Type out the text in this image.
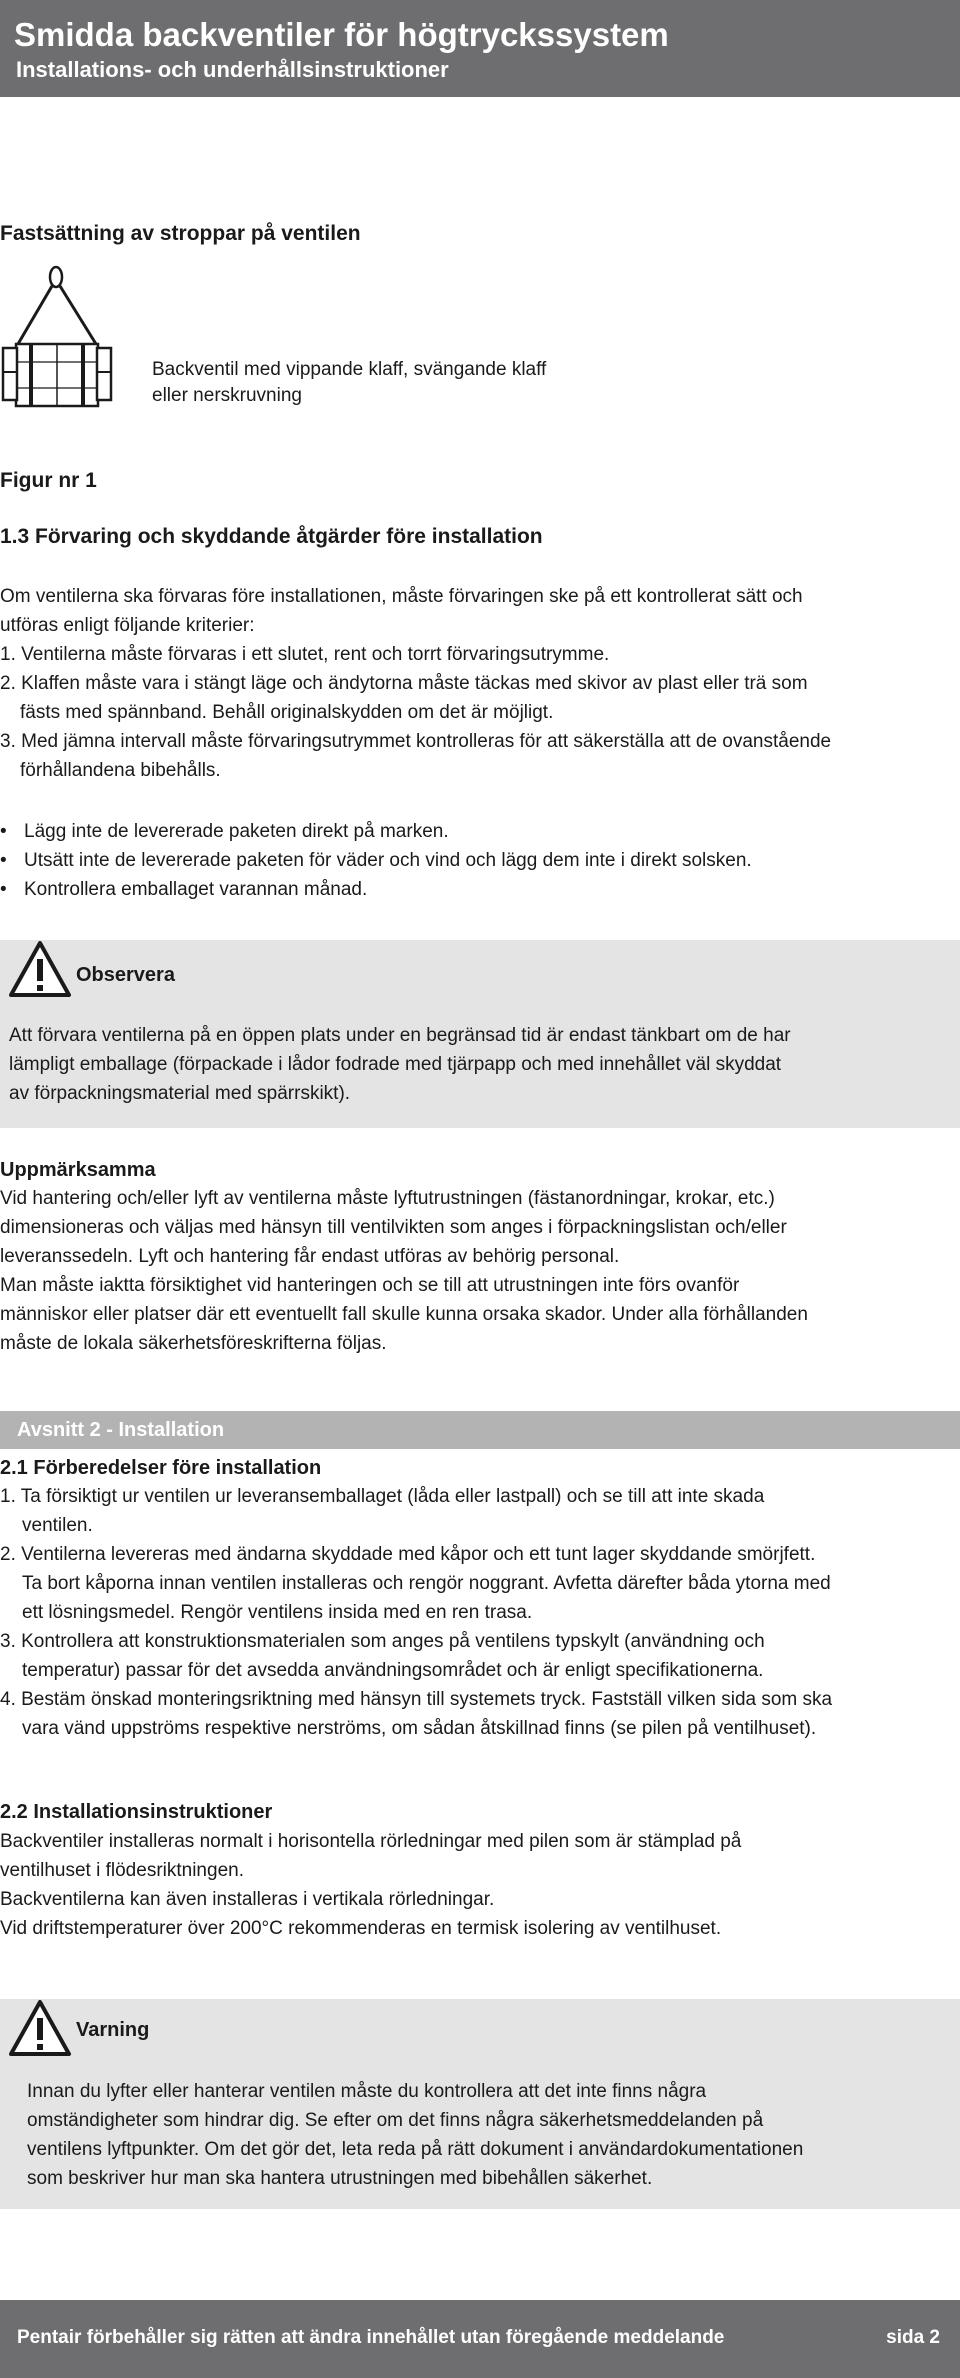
Smidda backventiler för högtryckssystem
Installations- och underhållsinstruktioner
Fastsättning av stroppar på ventilen
Backventil med vippande klaff, svängande klaff
eller nerskruvning
Figur nr 1
1.3 Förvaring och skyddande åtgärder före installation
Om ventilerna ska förvaras före installationen, måste förvaringen ske på ett kontrollerat sätt och
utföras enligt följande kriterier:
1. Ventilerna måste förvaras i ett slutet, rent och torrt förvaringsutrymme.
2. Klaffen måste vara i stängt läge och ändytorna måste täckas med skivor av plast eller trä som
fästs med spännband. Behåll originalskydden om det är möjligt.
3. Med jämna intervall måste förvaringsutrymmet kontrolleras för att säkerställa att de ovanstående
förhållandena bibehålls.
• Lägg inte de levererade paketen direkt på marken.
• Utsätt inte de levererade paketen för väder och vind och lägg dem inte i direkt solsken.
• Kontrollera emballaget varannan månad.
Observera
Att förvara ventilerna på en öppen plats under en begränsad tid är endast tänkbart om de har
lämpligt emballage (förpackade i lådor fodrade med tjärpapp och med innehållet väl skyddat
av förpackningsmaterial med spärrskikt).
Uppmärksamma
Vid hantering och/eller lyft av ventilerna måste lyftutrustningen (fästanordningar, krokar, etc.)
dimensioneras och väljas med hänsyn till ventilvikten som anges i förpackningslistan och/eller
leveranssedeln. Lyft och hantering får endast utföras av behörig personal.
Man måste iaktta försiktighet vid hanteringen och se till att utrustningen inte förs ovanför
människor eller platser där ett eventuellt fall skulle kunna orsaka skador. Under alla förhållanden
måste de lokala säkerhetsföreskrifterna följas.
Avsnitt 2 - Installation
2.1 Förberedelser före installation
1. Ta försiktigt ur ventilen ur leveransemballaget (låda eller lastpall) och se till att inte skada
ventilen.
2. Ventilerna levereras med ändarna skyddade med kåpor och ett tunt lager skyddande smörjfett.
Ta bort kåporna innan ventilen installeras och rengör noggrant. Avfetta därefter båda ytorna med
ett lösningsmedel. Rengör ventilens insida med en ren trasa.
3. Kontrollera att konstruktionsmaterialen som anges på ventilens typskylt (användning och
temperatur) passar för det avsedda användningsområdet och är enligt specifikationerna.
4. Bestäm önskad monteringsriktning med hänsyn till systemets tryck. Fastställ vilken sida som ska
vara vänd uppströms respektive nerströms, om sådan åtskillnad finns (se pilen på ventilhuset).
2.2 Installationsinstruktioner
Backventiler installeras normalt i horisontella rörledningar med pilen som är stämplad på
ventilhuset i flödesriktningen.
Backventilerna kan även installeras i vertikala rörledningar.
Vid driftstemperaturer över 200°C rekommenderas en termisk isolering av ventilhuset.
Varning
Innan du lyfter eller hanterar ventilen måste du kontrollera att det inte finns några
omständigheter som hindrar dig. Se efter om det finns några säkerhetsmeddelanden på
ventilens lyftpunkter. Om det gör det, leta reda på rätt dokument i användardokumentationen
som beskriver hur man ska hantera utrustningen med bibehållen säkerhet.
Pentair förbehåller sig rätten att ändra innehållet utan föregående meddelande	sida 2
